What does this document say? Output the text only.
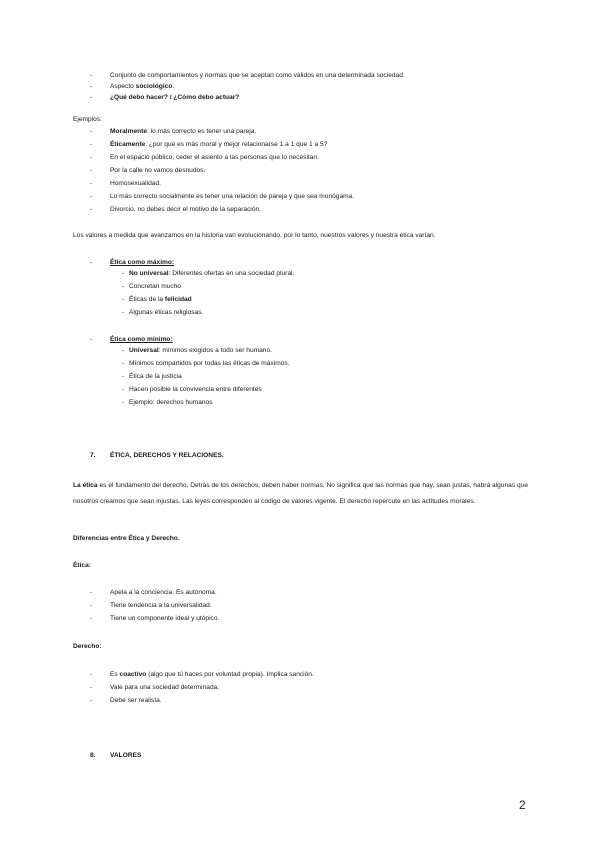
-	Conjunto de comportamientos y normas que se aceptan como válidos en una determinada sociedad.
-	Aspecto sociológico.
-	¿Qué debo hacer? / ¿Cómo debo actuar?
Ejemplos:
-	Moralmente: lo más correcto es tener una pareja.
-	Éticamente: ¿por qué es más moral y mejor relacionarse 1 a 1 que 1 a 5?
-	En el espacio público, ceder el asiento a las personas que lo necesitan.
-	Por la calle no vamos desnudos.
-	Homosexualidad.
-	Lo más correcto socialmente es tener una relación de pareja y que sea monógama.
-	Divorcio, no debes decir el motivo de la separación.
Los valores a medida que avanzamos en la historia van evolucionando, por lo tanto, nuestros valores y nuestra ética varían.
-	Ética como máximo:
- No universal: Diferentes ofertas en una sociedad plural.
- Concretan mucho
- Éticas de la felicidad
- Algunas éticas religiosas.
-	Ética como mínimo:
- Universal: mínimos exigidos a todo ser humano.
- Mínimos compartidos por todas las éticas de máximos.
- Ética de la justicia
- Hacen posible la convivencia entre diferentes
- Ejemplo: derechos humanos
7. ÉTICA, DERECHOS Y RELACIONES.
La ética es el fundamento del derecho. Detrás de los derechos, deben haber normas. No significa que las normas que hay, sean justas, habrá algunas que nosotros creamos que sean injustas. Las leyes corresponden al código de valores vigente. El derecho repercute en las actitudes morales.
Diferencias entre Ética y Derecho.
Ética:
-	Apela a la conciencia. Es autónoma.
-	Tiene tendencia a la universalidad.
-	Tiene un componente ideal y utópico.
Derecho:
-	Es coactivo (algo que tú haces por voluntad propia). Implica sanción.
-	Vale para una sociedad determinada.
-	Debe ser realista.
8. VALORES
2
